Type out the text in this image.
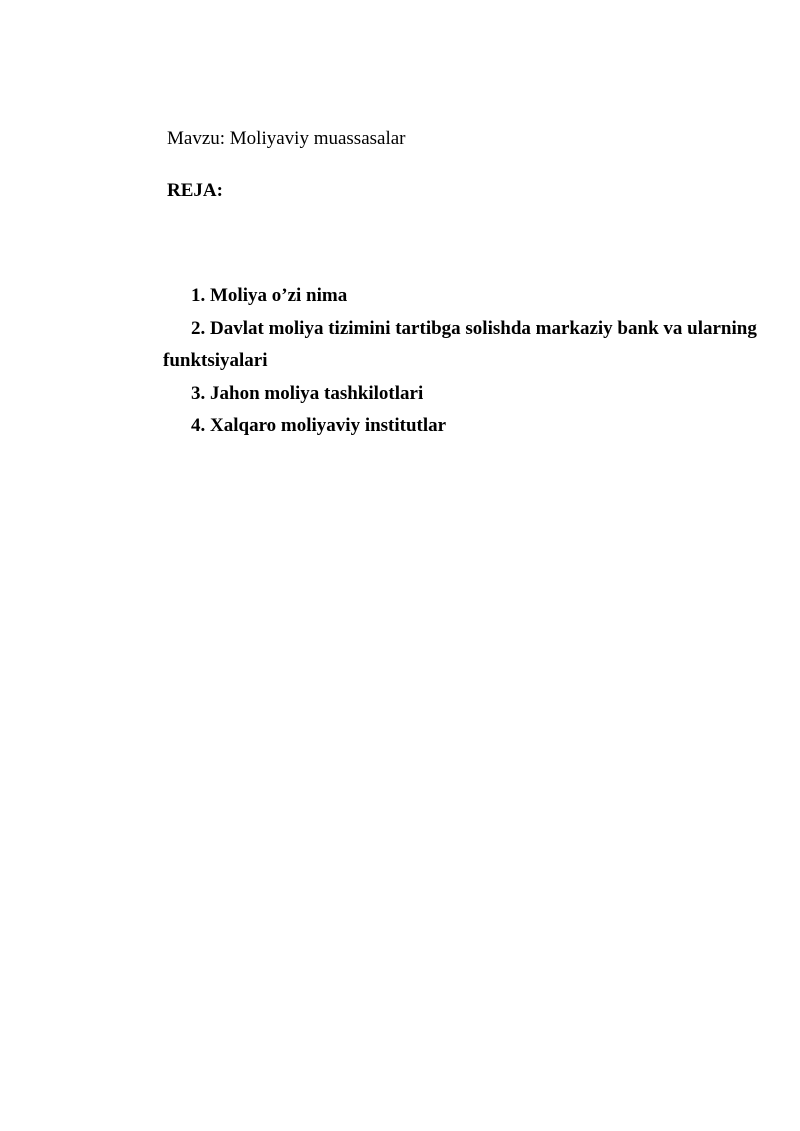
Mavzu: Moliyaviy muassasalar
REJA:
1. Moliya o’zi nima
2. Davlat moliya tizimini tartibga solishda markaziy bank va ularning funktsiyalari
3. Jahon moliya tashkilotlari
4. Xalqaro moliyaviy institutlar
